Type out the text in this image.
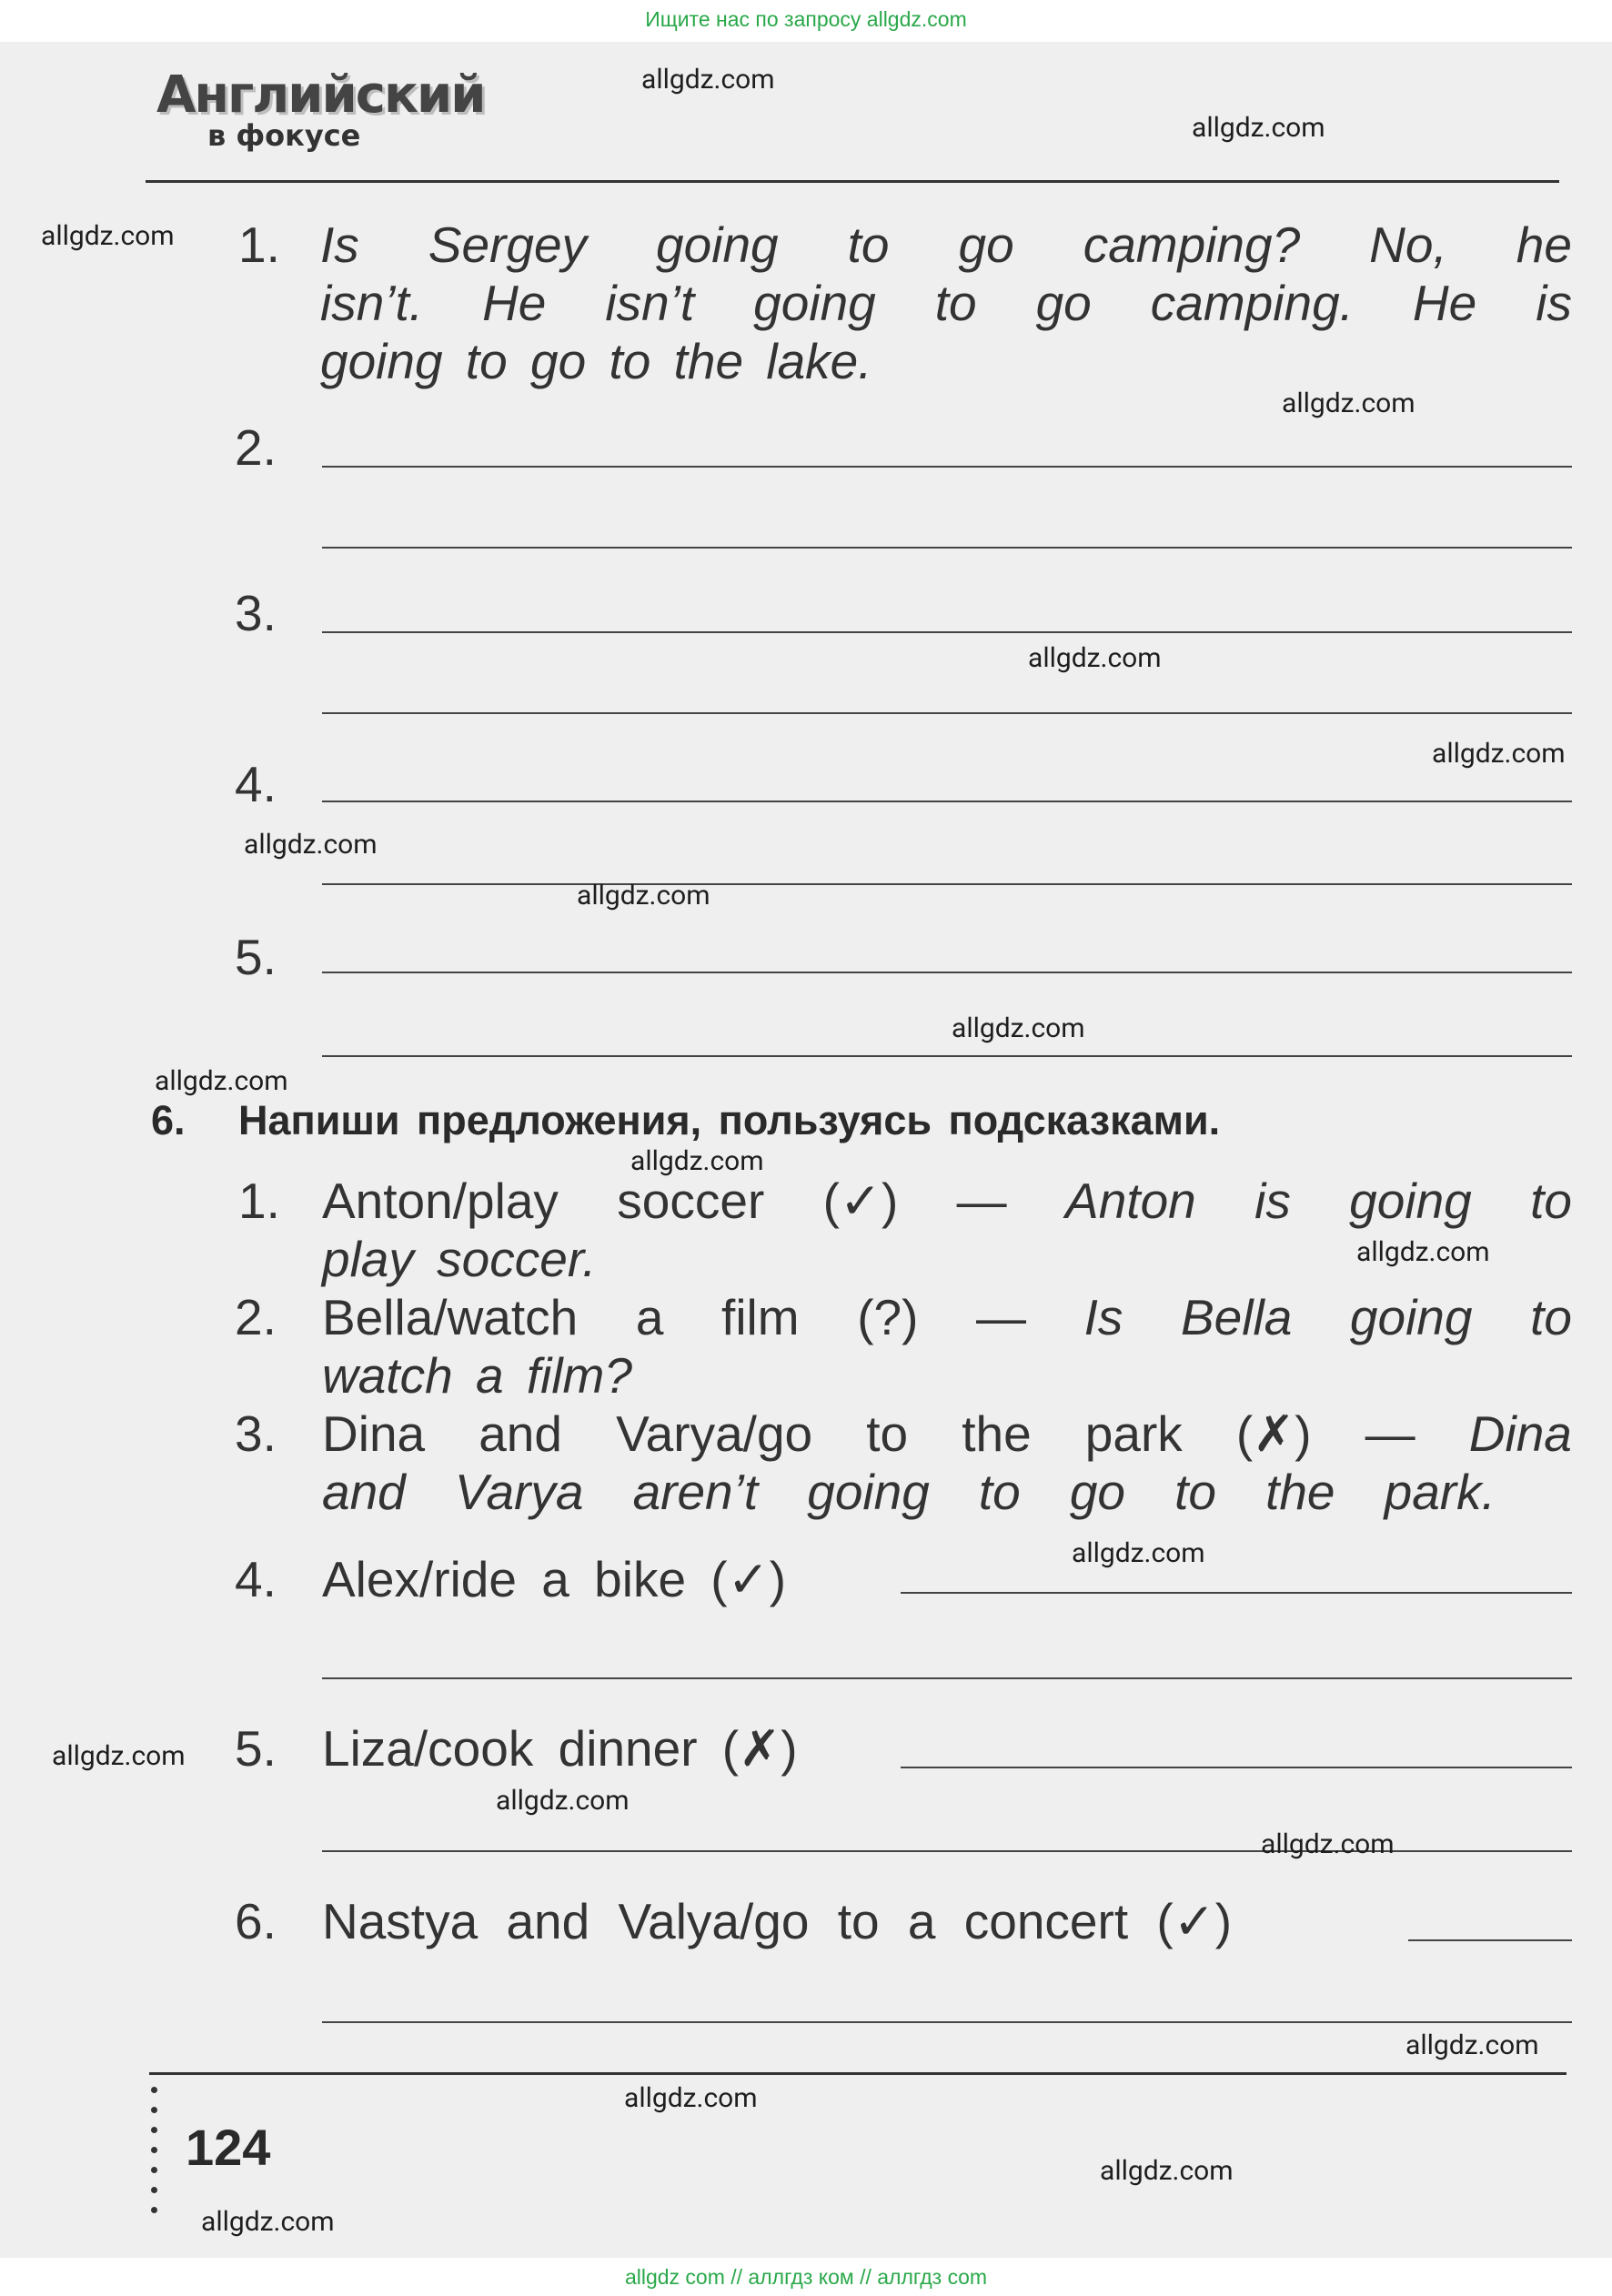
Ищите нас по запросу allgdz.com
Английский
в фокусе
1. Is Sergey going to go camping? No, he
isn’t. He isn’t going to go camping. He is
going to go to the lake.
2.
3.
4.
5.
6. Напиши предложения, пользуясь подсказками.
1. Anton/play soccer (✓) — Anton is going to
play soccer.
2. Bella/watch a film (?) — Is Bella going to
watch a film?
3. Dina and Varya/go to the park (✗) — Dina
and Varya aren’t going to go to the park.
4. Alex/ride a bike (✓)
5. Liza/cook dinner (✗)
6. Nastya and Valya/go to a concert (✓)
124
allgdz.com
allgdz.com
allgdz.com
allgdz.com
allgdz.com
allgdz.com
allgdz.com
allgdz.com
allgdz.com
allgdz.com
allgdz.com
allgdz.com
allgdz.com
allgdz.com
allgdz.com
allgdz.com
allgdz.com
allgdz.com
allgdz.com
allgdz.com
allgdz com // аллгдз ком // аллгдз com
